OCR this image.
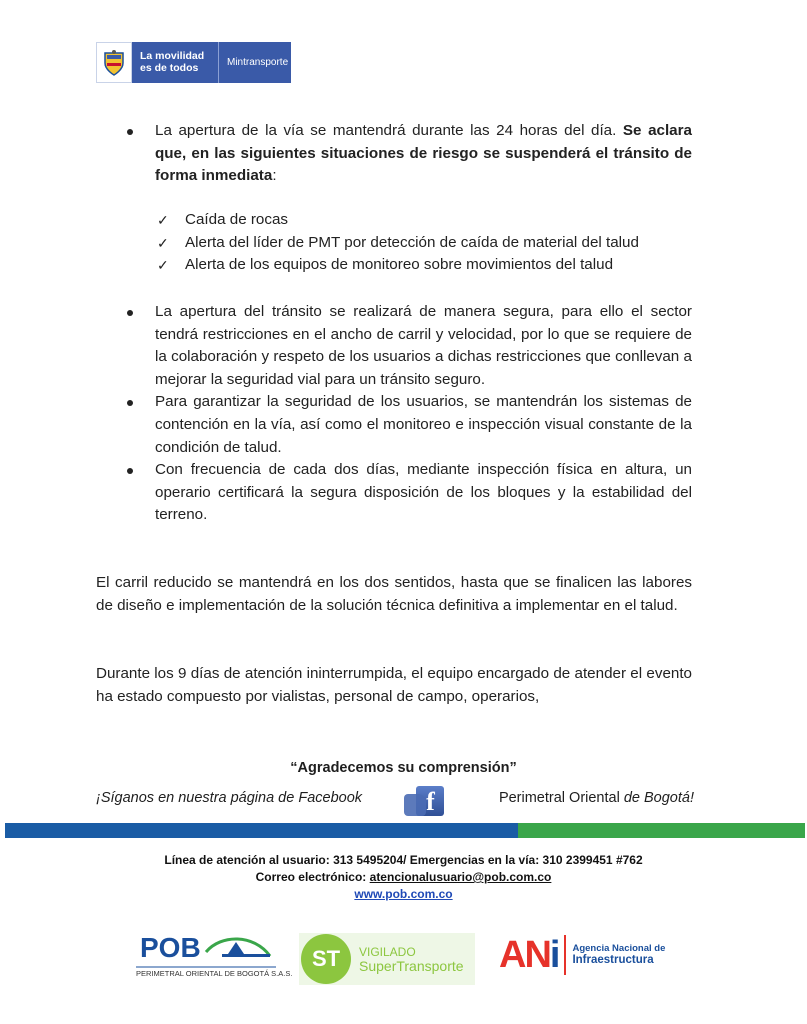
La movilidad
es de todos	Mintransporte
La apertura de la vía se mantendrá durante las 24 horas del día. Se aclara que, en las siguientes situaciones de riesgo se suspenderá el tránsito de forma inmediata:
✓ Caída de rocas
✓ Alerta del líder de PMT por detección de caída de material del talud
✓ Alerta de los equipos de monitoreo sobre movimientos del talud
La apertura del tránsito se realizará de manera segura, para ello el sector tendrá restricciones en el ancho de carril y velocidad, por lo que se requiere de la colaboración y respeto de los usuarios a dichas restricciones que conllevan a mejorar la seguridad vial para un tránsito seguro.
Para garantizar la seguridad de los usuarios, se mantendrán los sistemas de contención en la vía, así como el monitoreo e inspección visual constante de la condición de talud.
Con frecuencia de cada dos días, mediante inspección física en altura, un operario certificará la segura disposición de los bloques y la estabilidad del terreno.
El carril reducido se mantendrá en los dos sentidos, hasta que se finalicen las labores de diseño e implementación de la solución técnica definitiva a implementar en el talud.
Durante los 9 días de atención ininterrumpida, el equipo encargado de atender el evento ha estado compuesto por vialistas, personal de campo, operarios,
“Agradecemos su comprensión”
¡Síganos en nuestra página de Facebook	f	Perimetral Oriental de Bogotá!
Línea de atención al usuario: 313 5495204/ Emergencias en la vía: 310 2399451 #762
Correo electrónico: atencionalusuario@pob.com.co
www.pob.com.co
POB
PERIMETRAL ORIENTAL DE BOGOTÁ S.A.S.
ST	VIGILADO
SuperTransporte ANi Agencia Nacional de
Infraestructura
